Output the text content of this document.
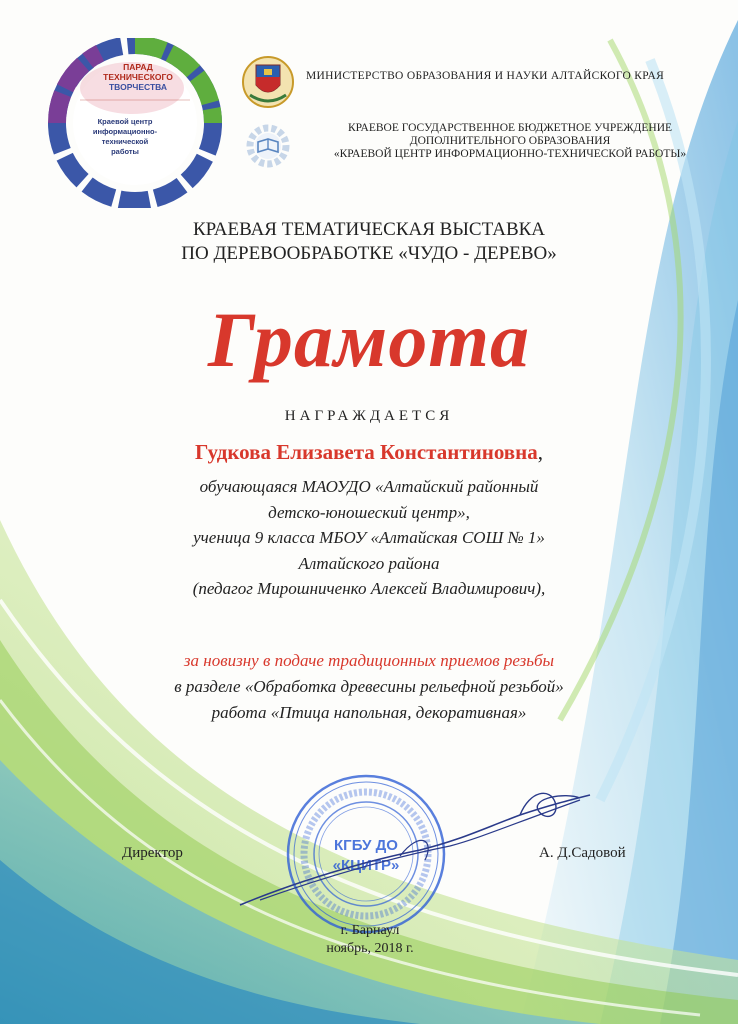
ПАРАД
ТЕХНИЧЕСКОГО
ТВОРЧЕСТВА
Краевой центр
информационно-технической
работы
МИНИСТЕРСТВО ОБРАЗОВАНИЯ И НАУКИ АЛТАЙСКОГО КРАЯ
КРАЕВОЕ ГОСУДАРСТВЕННОЕ БЮДЖЕТНОЕ УЧРЕЖДЕНИЕ
ДОПОЛНИТЕЛЬНОГО ОБРАЗОВАНИЯ
«КРАЕВОЙ ЦЕНТР ИНФОРМАЦИОННО-ТЕХНИЧЕСКОЙ РАБОТЫ»
КРАЕВАЯ ТЕМАТИЧЕСКАЯ ВЫСТАВКА
ПО ДЕРЕВООБРАБОТКЕ «ЧУДО - ДЕРЕВО»
Грамота
НАГРАЖДАЕТСЯ
Гудкова Елизавета Константиновна,
обучающаяся МАОУДО «Алтайский районный
детско-юношеский центр»,
ученица 9 класса МБОУ «Алтайская СОШ № 1»
Алтайского района
(педагог Мирошниченко Алексей Владимирович),
за новизну в подаче традиционных приемов резьбы
в разделе «Обработка древесины рельефной резьбой»
работа «Птица напольная, декоративная»
Директор	А. Д.Садовой
КГБУ ДО
«КЦИТР»
г. Барнаул
ноябрь, 2018 г.
